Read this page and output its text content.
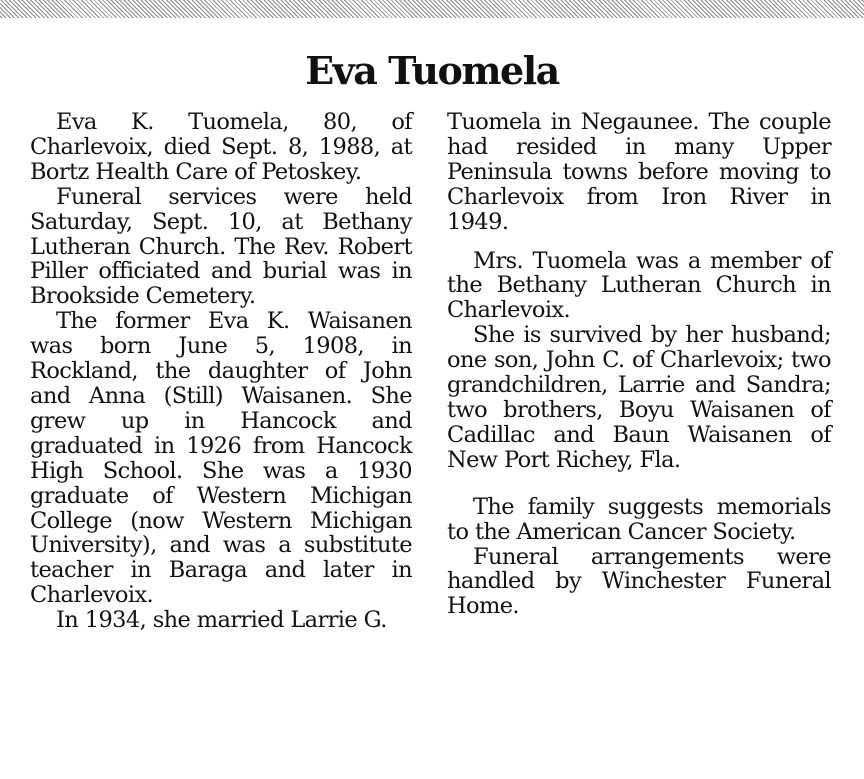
Eva Tuomela

Eva K. Tuomela, 80, of Charlevoix, died Sept. 8, 1988, at Bortz Health Care of Petoskey.

Funeral services were held Saturday, Sept. 10, at Bethany Lutheran Church. The Rev. Robert Piller officiated and burial was in Brookside Cemetery.

The former Eva K. Waisanen was born June 5, 1908, in Rockland, the daughter of John and Anna (Still) Waisanen. She grew up in Hancock and graduated in 1926 from Hancock High School. She was a 1930 graduate of Western Michigan College (now Western Michigan University), and was a substitute teacher in Baraga and later in Charlevoix.

In 1934, she married Larrie G.

Tuomela in Negaunee. The couple had resided in many Upper Peninsula towns before moving to Charlevoix from Iron River in 1949.

Mrs. Tuomela was a member of the Bethany Lutheran Church in Charlevoix.

She is survived by her husband; one son, John C. of Charlevoix; two grandchildren, Larrie and Sandra; two brothers, Boyu Waisanen of Cadillac and Baun Waisanen of New Port Richey, Fla.

The family suggests memorials to the American Cancer Society.

Funeral arrangements were handled by Winchester Funeral Home.
